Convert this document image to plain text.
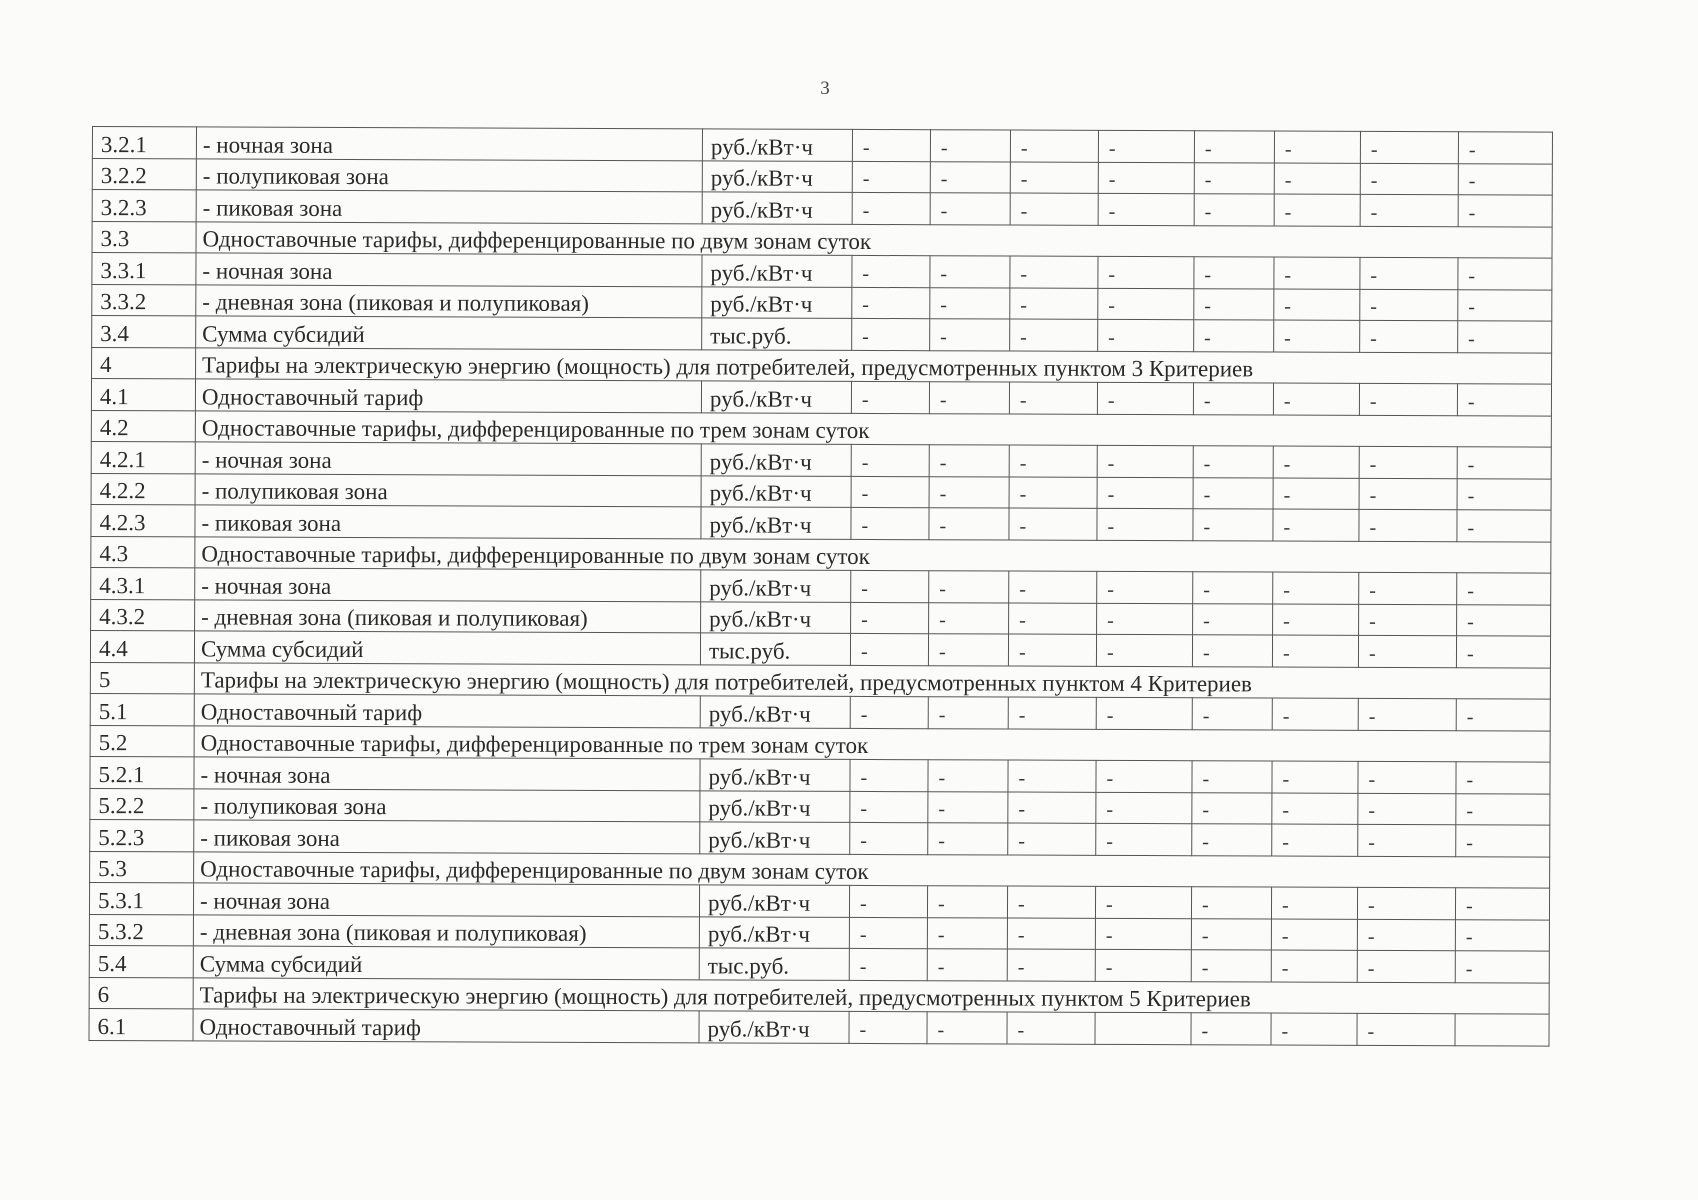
3
3.2.1	- ночная зона	руб./кВт·ч	-	-	-	-	-	-	-	-
3.2.2	- полупиковая зона	руб./кВт·ч	-	-	-	-	-	-	-	-
3.2.3	- пиковая зона	руб./кВт·ч	-	-	-	-	-	-	-	-
3.3	Одноставочные тарифы, дифференцированные по двум зонам суток									
3.3.1	- ночная зона	руб./кВт·ч	-	-	-	-	-	-	-	-
3.3.2	- дневная зона (пиковая и полупиковая)	руб./кВт·ч	-	-	-	-	-	-	-	-
3.4	Сумма субсидий	тыс.руб.	-	-	-	-	-	-	-	-
4	Тарифы на электрическую энергию (мощность) для потребителей, предусмотренных пунктом 3 Критериев									
4.1	Одноставочный тариф	руб./кВт·ч	-	-	-	-	-	-	-	-
4.2	Одноставочные тарифы, дифференцированные по трем зонам суток									
4.2.1	- ночная зона	руб./кВт·ч	-	-	-	-	-	-	-	-
4.2.2	- полупиковая зона	руб./кВт·ч	-	-	-	-	-	-	-	-
4.2.3	- пиковая зона	руб./кВт·ч	-	-	-	-	-	-	-	-
4.3	Одноставочные тарифы, дифференцированные по двум зонам суток									
4.3.1	- ночная зона	руб./кВт·ч	-	-	-	-	-	-	-	-
4.3.2	- дневная зона (пиковая и полупиковая)	руб./кВт·ч	-	-	-	-	-	-	-	-
4.4	Сумма субсидий	тыс.руб.	-	-	-	-	-	-	-	-
5	Тарифы на электрическую энергию (мощность) для потребителей, предусмотренных пунктом 4 Критериев									
5.1	Одноставочный тариф	руб./кВт·ч	-	-	-	-	-	-	-	-
5.2	Одноставочные тарифы, дифференцированные по трем зонам суток									
5.2.1	- ночная зона	руб./кВт·ч	-	-	-	-	-	-	-	-
5.2.2	- полупиковая зона	руб./кВт·ч	-	-	-	-	-	-	-	-
5.2.3	- пиковая зона	руб./кВт·ч	-	-	-	-	-	-	-	-
5.3	Одноставочные тарифы, дифференцированные по двум зонам суток									
5.3.1	- ночная зона	руб./кВт·ч	-	-	-	-	-	-	-	-
5.3.2	- дневная зона (пиковая и полупиковая)	руб./кВт·ч	-	-	-	-	-	-	-	-
5.4	Сумма субсидий	тыс.руб.	-	-	-	-	-	-	-	-
6	Тарифы на электрическую энергию (мощность) для потребителей, предусмотренных пунктом 5 Критериев									
6.1	Одноставочный тариф	руб./кВт·ч	-	-	-		-	-	-	
